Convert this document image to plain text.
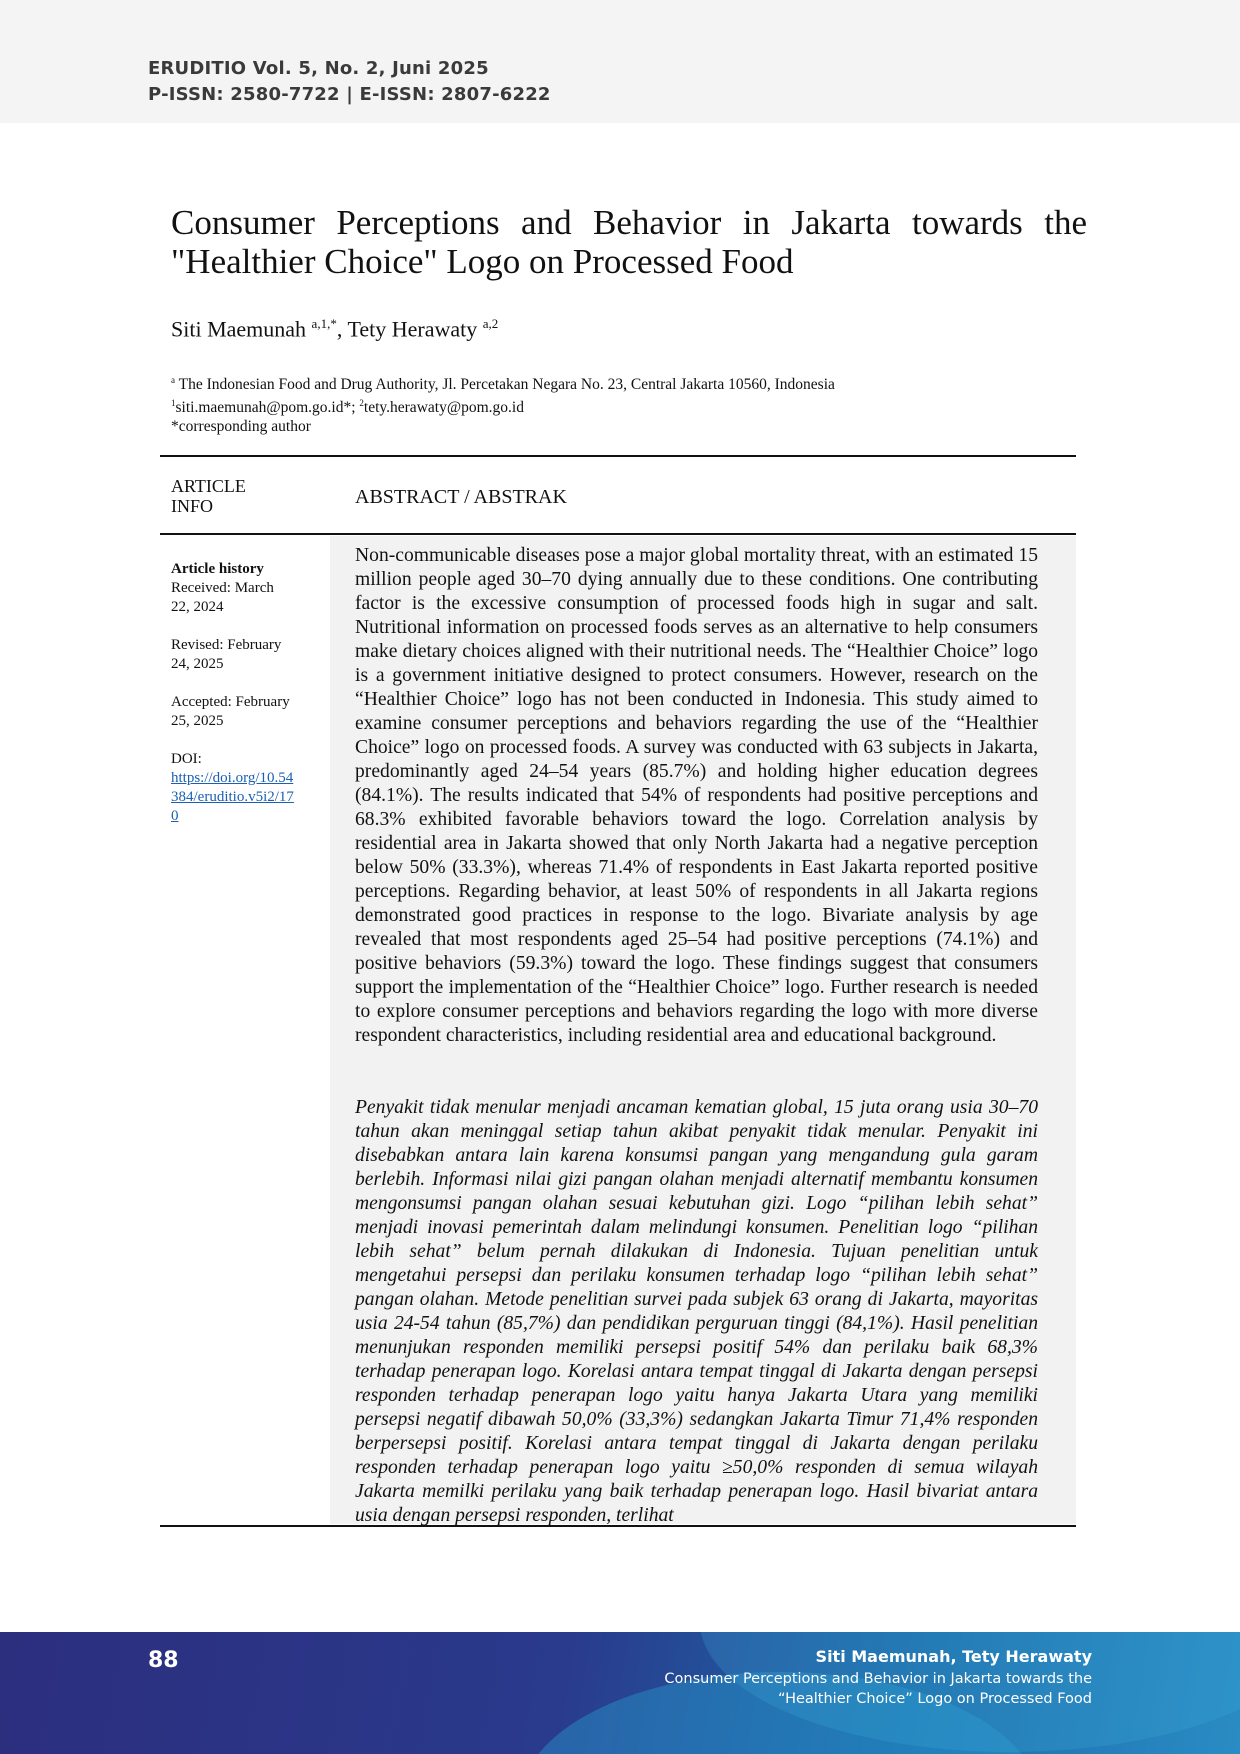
ERUDITIO Vol. 5, No. 2, Juni 2025
P-ISSN: 2580-7722 | E-ISSN: 2807-6222
Consumer Perceptions and Behavior in Jakarta towards the "Healthier Choice" Logo on Processed Food
Siti Maemunah $^{a,1,*}$, Tety Herawaty $^{a,2}$
$^a$ The Indonesian Food and Drug Authority, Jl. Percetakan Negara No. 23, Central Jakarta 10560, Indonesia
$^1$siti.maemunah@pom.go.id*; $^2$tety.herawaty@pom.go.id
*corresponding author
ARTICLE INFO	ABSTRACT / ABSTRAK
Article history
Received: March 22, 2024
Revised: February 24, 2025
Accepted: February 25, 2025
DOI:
https://doi.org/10.54384/eruditio.v5i2/170
Non-communicable diseases pose a major global mortality threat, with an estimated 15 million people aged 30–70 dying annually due to these conditions. One contributing factor is the excessive consumption of processed foods high in sugar and salt. Nutritional information on processed foods serves as an alternative to help consumers make dietary choices aligned with their nutritional needs. The “Healthier Choice” logo is a government initiative designed to protect consumers. However, research on the “Healthier Choice” logo has not been conducted in Indonesia. This study aimed to examine consumer perceptions and behaviors regarding the use of the “Healthier Choice” logo on processed foods. A survey was conducted with 63 subjects in Jakarta, predominantly aged 24–54 years (85.7%) and holding higher education degrees (84.1%). The results indicated that 54% of respondents had positive perceptions and 68.3% exhibited favorable behaviors toward the logo. Correlation analysis by residential area in Jakarta showed that only North Jakarta had a negative perception below 50% (33.3%), whereas 71.4% of respondents in East Jakarta reported positive perceptions. Regarding behavior, at least 50% of respondents in all Jakarta regions demonstrated good practices in response to the logo. Bivariate analysis by age revealed that most respondents aged 25–54 had positive perceptions (74.1%) and positive behaviors (59.3%) toward the logo. These findings suggest that consumers support the implementation of the “Healthier Choice” logo. Further research is needed to explore consumer perceptions and behaviors regarding the logo with more diverse respondent characteristics, including residential area and educational background.
Penyakit tidak menular menjadi ancaman kematian global, 15 juta orang usia 30–70 tahun akan meninggal setiap tahun akibat penyakit tidak menular. Penyakit ini disebabkan antara lain karena konsumsi pangan yang mengandung gula garam berlebih. Informasi nilai gizi pangan olahan menjadi alternatif membantu konsumen mengonsumsi pangan olahan sesuai kebutuhan gizi. Logo “pilihan lebih sehat” menjadi inovasi pemerintah dalam melindungi konsumen. Penelitian logo “pilihan lebih sehat” belum pernah dilakukan di Indonesia. Tujuan penelitian untuk mengetahui persepsi dan perilaku konsumen terhadap logo “pilihan lebih sehat” pangan olahan. Metode penelitian survei pada subjek 63 orang di Jakarta, mayoritas usia 24-54 tahun (85,7%) dan pendidikan perguruan tinggi (84,1%). Hasil penelitian menunjukan responden memiliki persepsi positif 54% dan perilaku baik 68,3% terhadap penerapan logo. Korelasi antara tempat tinggal di Jakarta dengan persepsi responden terhadap penerapan logo yaitu hanya Jakarta Utara yang memiliki persepsi negatif dibawah 50,0% (33,3%) sedangkan Jakarta Timur 71,4% responden berpersepsi positif. Korelasi antara tempat tinggal di Jakarta dengan perilaku responden terhadap penerapan logo yaitu ≥50,0% responden di semua wilayah Jakarta memilki perilaku yang baik terhadap penerapan logo. Hasil bivariat antara usia dengan persepsi responden, terlihat
88	Siti Maemunah, Tety Herawaty
Consumer Perceptions and Behavior in Jakarta towards the
“Healthier Choice” Logo on Processed Food
